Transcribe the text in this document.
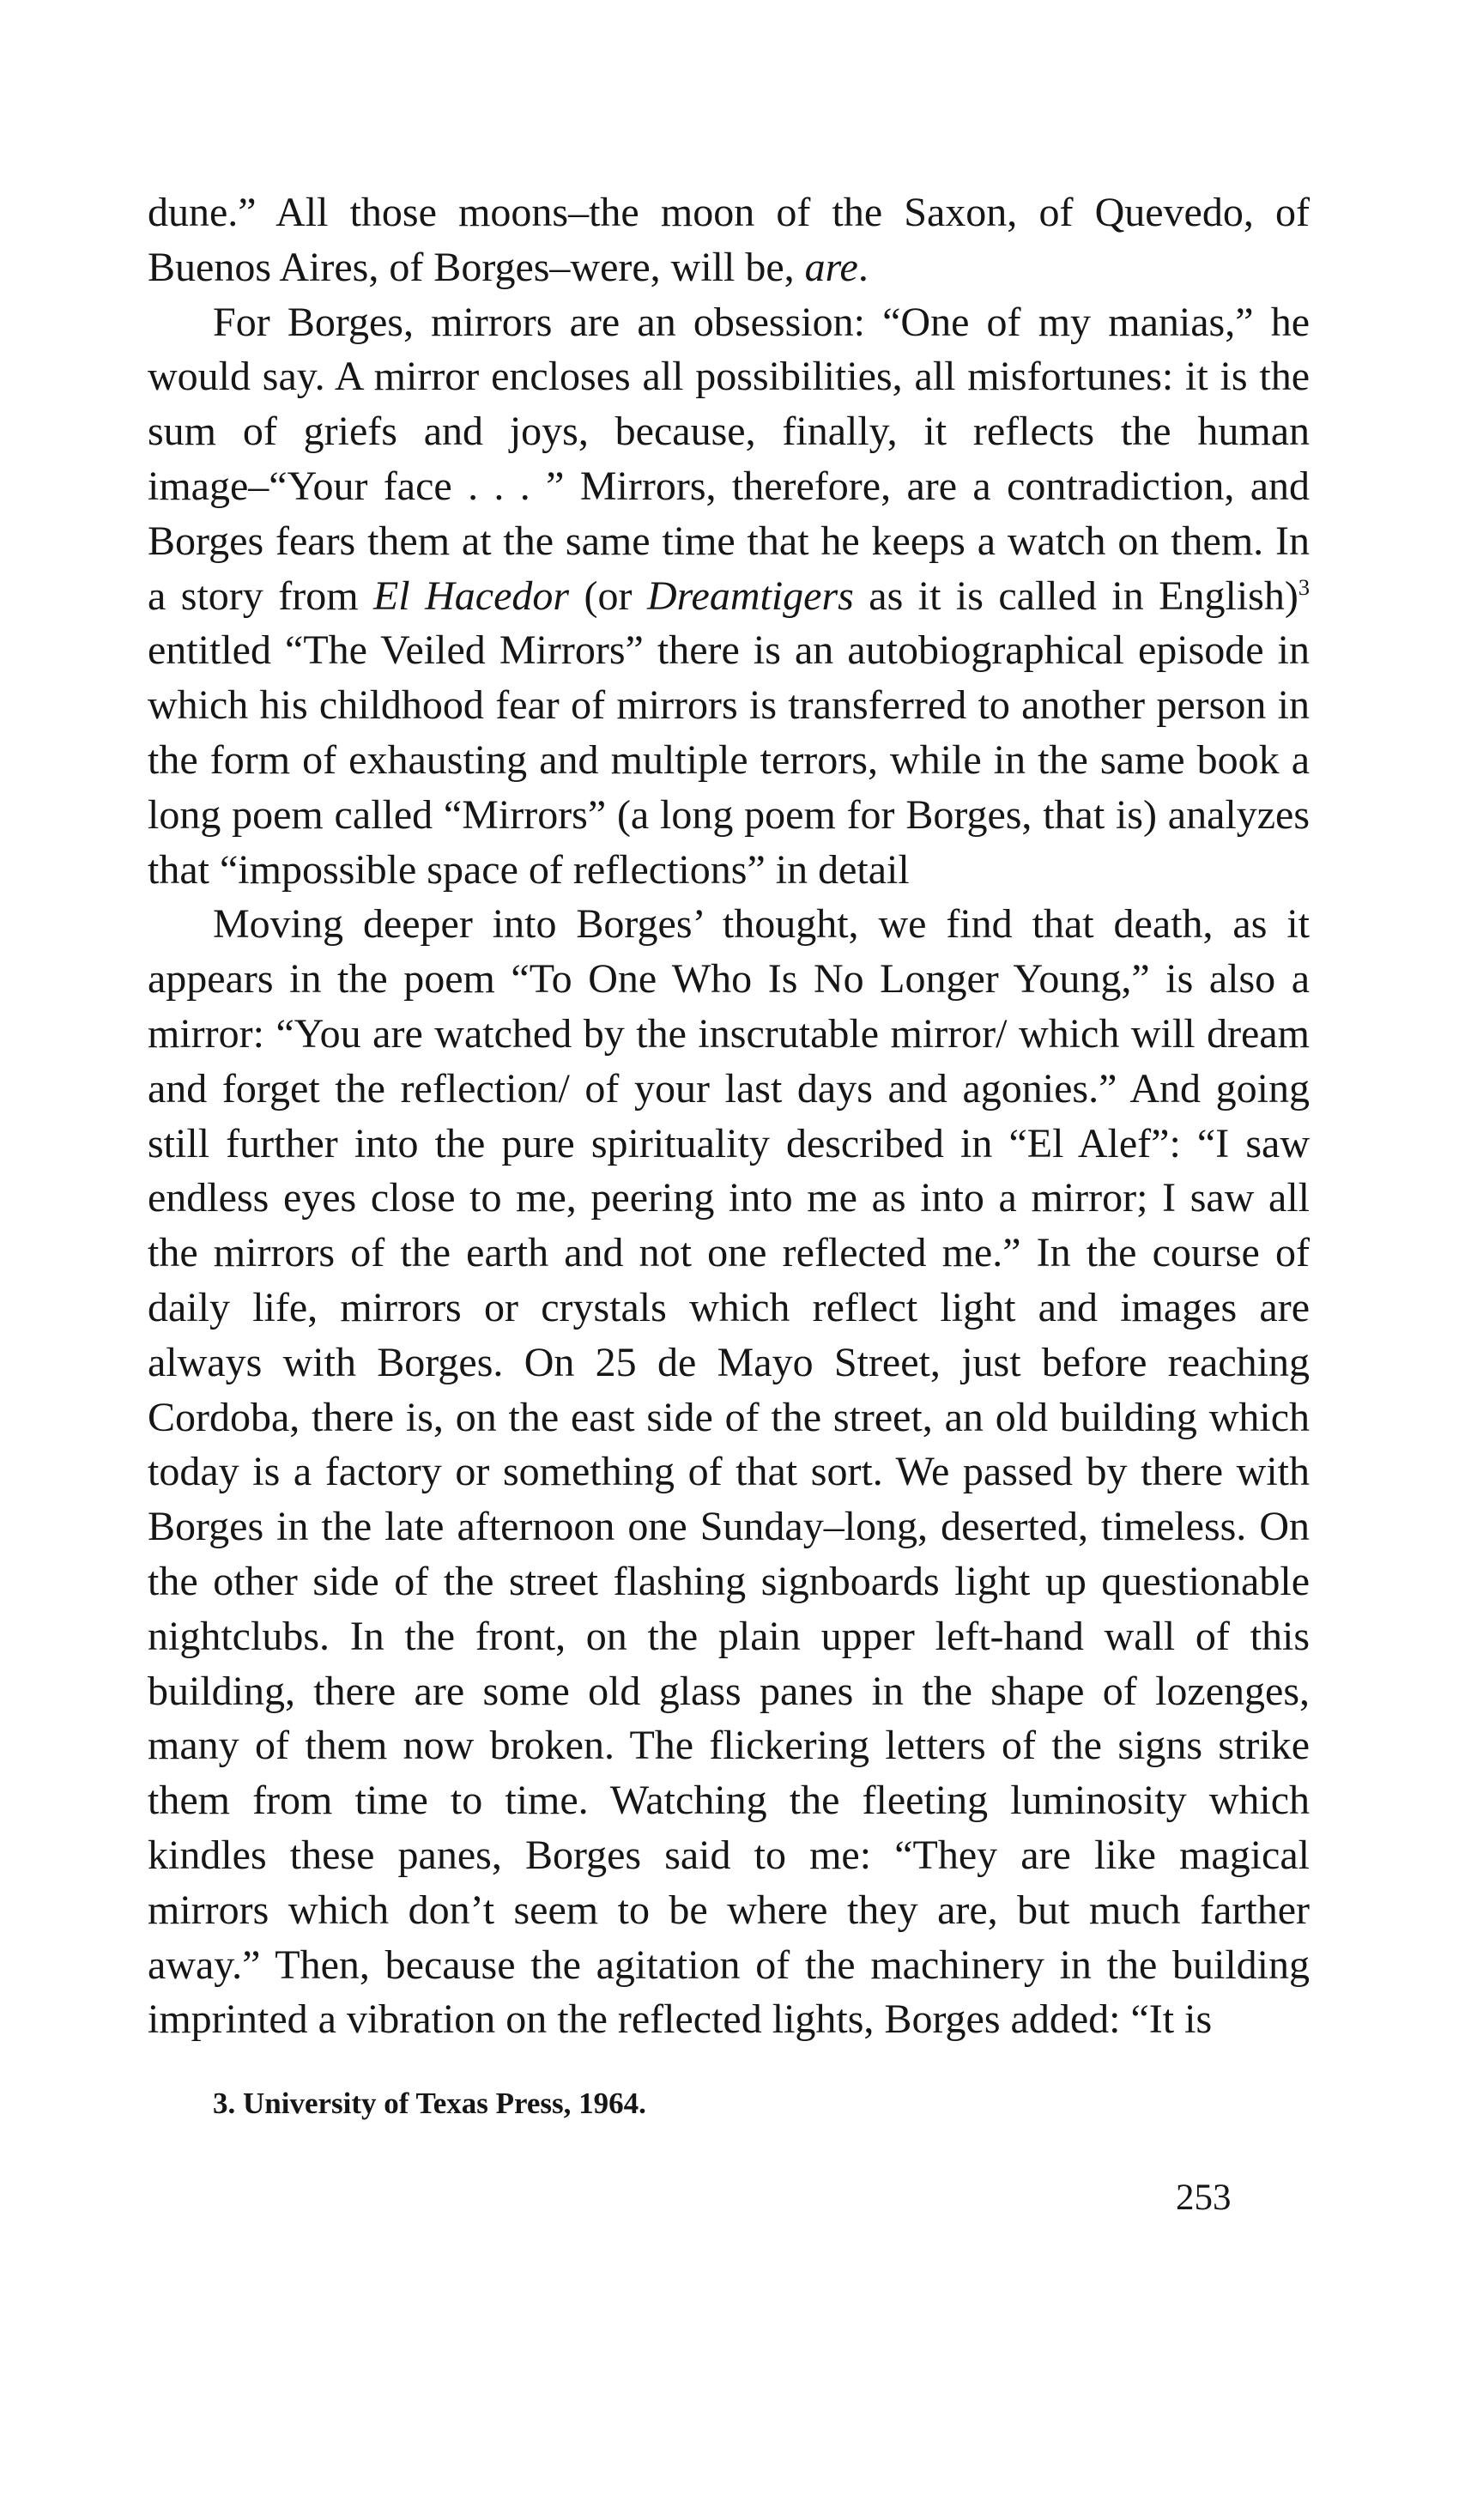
dune.” All those moons–the moon of the Saxon, of Quevedo, of Buenos Aires, of Borges–were, will be, are.

For Borges, mirrors are an obsession: “One of my manias,” he would say. A mirror encloses all possibilities, all misfortunes: it is the sum of griefs and joys, because, finally, it reflects the human image–“Your face . . . ” Mirrors, therefore, are a contradiction, and Borges fears them at the same time that he keeps a watch on them. In a story from El Hacedor (or Dreamtigers as it is called in English)$^3$ entitled “The Veiled Mirrors” there is an autobiographical episode in which his childhood fear of mirrors is transferred to another person in the form of exhausting and multiple terrors, while in the same book a long poem called “Mirrors” (a long poem for Borges, that is) analyzes that “impossible space of reflections” in detail

Moving deeper into Borges’ thought, we find that death, as it appears in the poem “To One Who Is No Longer Young,” is also a mirror: “You are watched by the inscrutable mirror/ which will dream and forget the reflection/ of your last days and agonies.” And going still further into the pure spirituality described in “El Alef”: “I saw endless eyes close to me, peering into me as into a mirror; I saw all the mirrors of the earth and not one reflected me.” In the course of daily life, mirrors or crystals which reflect light and images are always with Borges. On 25 de Mayo Street, just before reaching Cordoba, there is, on the east side of the street, an old building which today is a factory or something of that sort. We passed by there with Borges in the late afternoon one Sunday–long, deserted, timeless. On the other side of the street flashing signboards light up questionable nightclubs. In the front, on the plain upper left-hand wall of this building, there are some old glass panes in the shape of lozenges, many of them now broken. The flickering letters of the signs strike them from time to time. Watching the fleeting luminosity which kindles these panes, Borges said to me: “They are like magical mirrors which don’t seem to be where they are, but much farther away.” Then, because the agitation of the machinery in the building imprinted a vibration on the reflected lights, Borges added: “It is

3. University of Texas Press, 1964.
253
